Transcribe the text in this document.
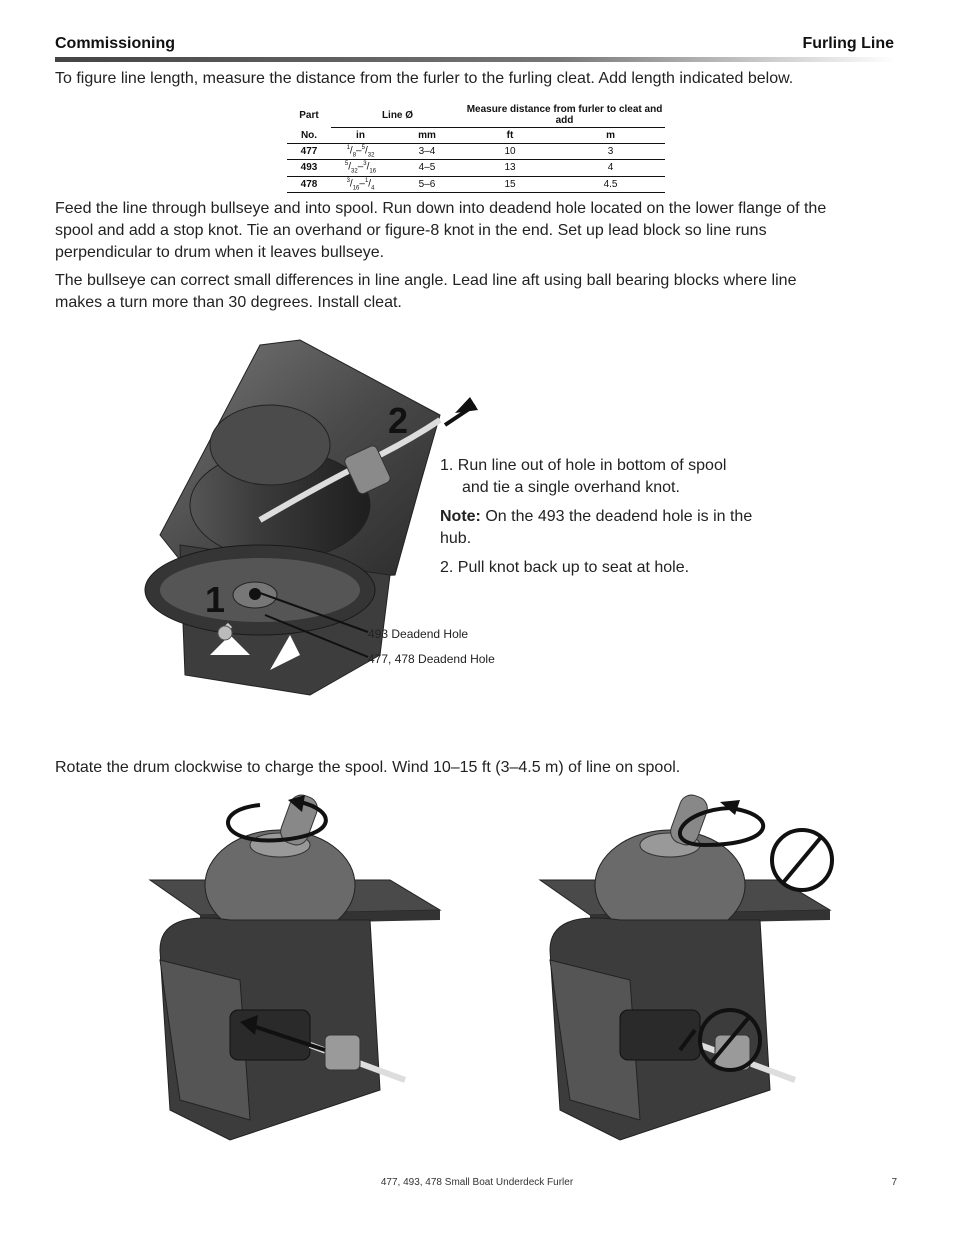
Commissioning	Furling Line

To figure line length, measure the distance from the furler to the furling cleat. Add length indicated below.

Part	Line Ø		Measure distance from furler to cleat and add	
No.	in	mm	ft	m
477	$^1/_8-^5/_{32}$	3–4	10	3
493	$^5/_{32}-^3/_{16}$	4–5	13	4
478	$^3/_{16}-^1/_4$	5–6	15	4.5

Feed the line through bullseye and into spool. Run down into deadend hole located on the lower flange of the spool and add a stop knot. Tie an overhand or figure-8 knot in the end. Set up lead block so line runs perpendicular to drum when it leaves bullseye.

The bullseye can correct small differences in line angle. Lead line aft using ball bearing blocks where line makes a turn more than 30 degrees. Install cleat.

1
2
1. Run line out of hole in bottom of spool
and tie a single overhand knot.
Note: On the 493 the deadend hole is in the hub.
2. Pull knot back up to seat at hole.
493 Deadend Hole
477, 478 Deadend Hole

Rotate the drum clockwise to charge the spool. Wind 10–15 ft (3–4.5 m) of line on spool.

477, 493, 478 Small Boat Underdeck Furler	7
